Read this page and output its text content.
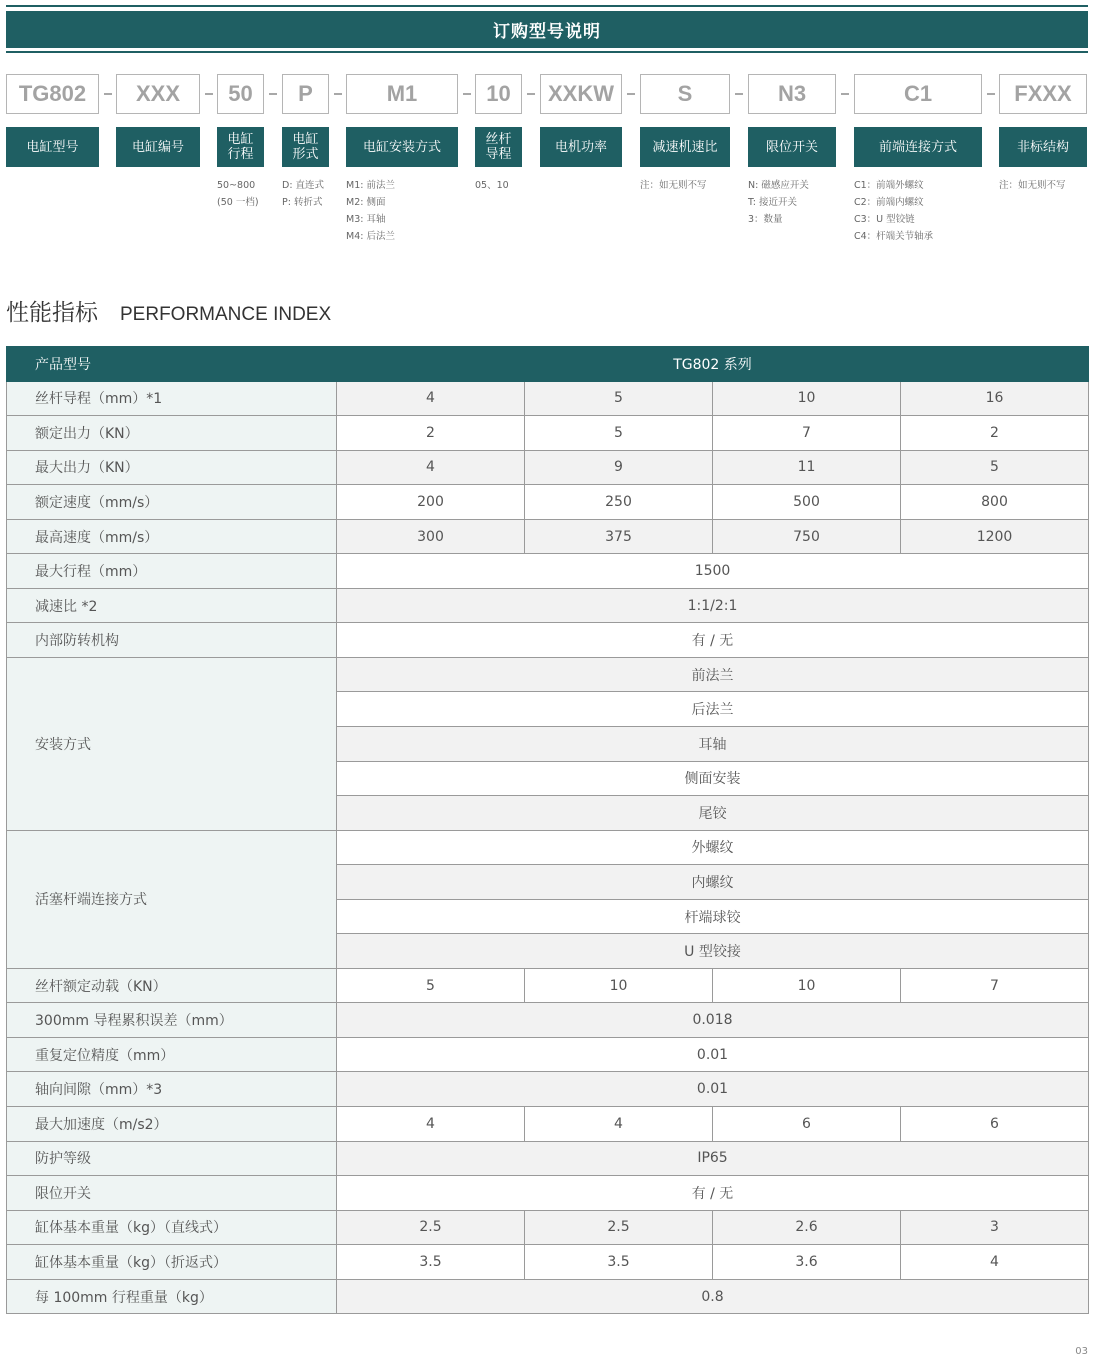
订购型号说明
TG802
电缸型号
XXX
电缸编号
50
电缸
行程
50~800
(50 一档)
P
电缸
形式
D: 直连式
P: 转折式
M1
电缸安装方式
M1: 前法兰
M2: 侧面
M3: 耳轴
M4: 后法兰
10
丝杆
导程
05、10
XXKW
电机功率
S
减速机速比
注：如无则不写
N3
限位开关
N: 磁感应开关
T: 接近开关
3：数量
C1
前端连接方式
C1：前端外螺纹
C2：前端内螺纹
C3：U 型铰链
C4：杆端关节轴承
FXXX
非标结构
注：如无则不写
性能指标 PERFORMANCE INDEX
产品型号	TG802 系列			
丝杆导程（mm）*1	4	5	10	16
额定出力（KN）	2	5	7	2
最大出力（KN）	4	9	11	5
额定速度（mm/s）	200	250	500	800
最高速度（mm/s）	300	375	750	1200
最大行程（mm）	1500			
减速比 *2	1:1/2:1			
内部防转机构	有 / 无			
安装方式	前法兰			
	后法兰			
	耳轴			
	侧面安装			
	尾铰			
活塞杆端连接方式	外螺纹			
	内螺纹			
	杆端球铰			
	U 型铰接			
丝杆额定动载（KN）	5	10	10	7
300mm 导程累积误差（mm）	0.018			
重复定位精度（mm）	0.01			
轴向间隙（mm）*3	0.01			
最大加速度（m/s2）	4	4	6	6
防护等级	IP65			
限位开关	有 / 无			
缸体基本重量（kg）（直线式）	2.5	2.5	2.6	3
缸体基本重量（kg）（折返式）	3.5	3.5	3.6	4
每 100mm 行程重量（kg）	0.8			
03
